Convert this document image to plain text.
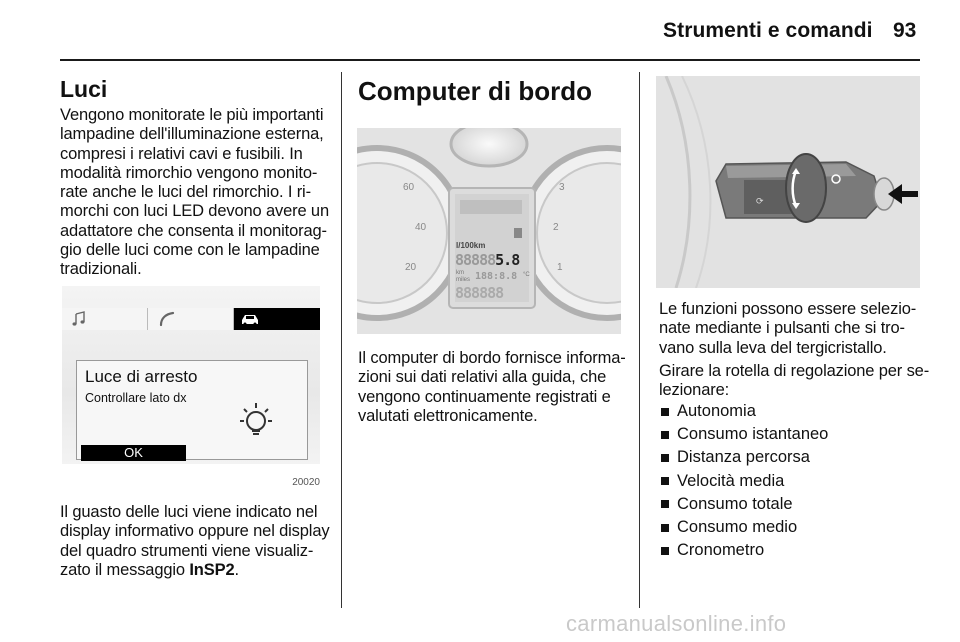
Strumenti e comandi 93
Luci
Vengono monitorate le più importanti
lampadine dell'illuminazione esterna,
compresi i relativi cavi e fusibili. In
modalità rimorchio vengono monito-
rate anche le luci del rimorchio. I ri-
morchi con luci LED devono avere un
adattatore che consenta il monitorag-
gio delle luci come con le lampadine
tradizionali.
Luce di arresto
Controllare lato dx
OK
20020
Il guasto delle luci viene indicato nel
display informativo oppure nel display
del quadro strumenti viene visualiz-
zato il messaggio InSP2.
Computer di bordo
60
40
20
3
2
1
l/100km
888885.8
km
miles 188:8.8 °C
888888
Il computer di bordo fornisce informa-
zioni sui dati relativi alla guida, che
vengono continuamente registrati e
valutati elettronicamente.
⟳
Le funzioni possono essere selezio-
nate mediante i pulsanti che si tro-
vano sulla leva del tergicristallo.
Girare la rotella di regolazione per se-
lezionare:
Autonomia
Consumo istantaneo
Distanza percorsa
Velocità media
Consumo totale
Consumo medio
Cronometro
carmanualsonline.info
